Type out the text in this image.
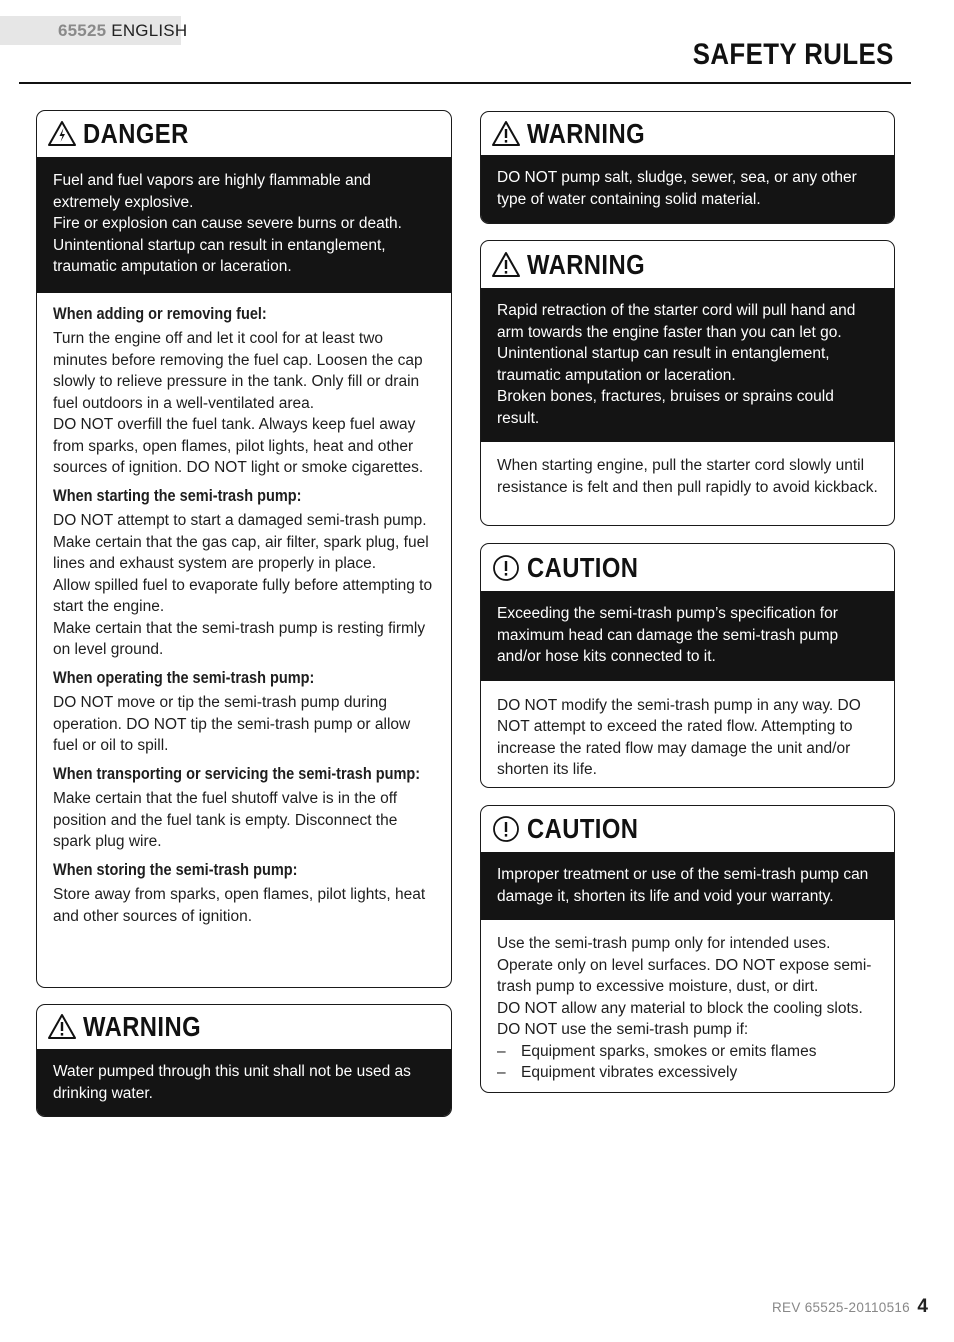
65525 ENGLISH
SAFETY RULES
DANGER

Fuel and fuel vapors are highly flammable and extremely explosive.

Fire or explosion can cause severe burns or death.

Unintentional startup can result in entanglement, traumatic amputation or laceration.

When adding or removing fuel:

Turn the engine off and let it cool for at least two minutes before removing the fuel cap. Loosen the cap slowly to relieve pressure in the tank. Only fill or drain fuel outdoors in a well-ventilated area.

DO NOT overfill the fuel tank. Always keep fuel away from sparks, open flames, pilot lights, heat and other sources of ignition. DO NOT light or smoke cigarettes.

When starting the semi-trash pump:

DO NOT attempt to start a damaged semi-trash pump. Make certain that the gas cap, air filter, spark plug, fuel lines and exhaust system are properly in place.

Allow spilled fuel to evaporate fully before attempting to start the engine.

Make certain that the semi-trash pump is resting firmly on level ground.

When operating the semi-trash pump:

DO NOT move or tip the semi-trash pump during operation. DO NOT tip the semi-trash pump or allow fuel or oil to spill.

When transporting or servicing the semi-trash pump:

Make certain that the fuel shutoff valve is in the off position and the fuel tank is empty. Disconnect the spark plug wire.

When storing the semi-trash pump:

Store away from sparks, open flames, pilot lights, heat and other sources of ignition.

WARNING

Water pumped through this unit shall not be used as drinking water.

WARNING

DO NOT pump salt, sludge, sewer, sea, or any other type of water containing solid material.

WARNING

Rapid retraction of the starter cord will pull hand and arm towards the engine faster than you can let go.

Unintentional startup can result in entanglement, traumatic amputation or laceration.

Broken bones, fractures, bruises or sprains could result.

When starting engine, pull the starter cord slowly until resistance is felt and then pull rapidly to avoid kickback.

CAUTION

Exceeding the semi-trash pump’s specification for maximum head can damage the semi-trash pump and/or hose kits connected to it.

DO NOT modify the semi-trash pump in any way. DO NOT attempt to exceed the rated flow. Attempting to increase the rated flow may damage the unit and/or shorten its life.

CAUTION

Improper treatment or use of the semi-trash pump can damage it, shorten its life and void your warranty.

Use the semi-trash pump only for intended uses.

Operate only on level surfaces. DO NOT expose semi-trash pump to excessive moisture, dust, or dirt.

DO NOT allow any material to block the cooling slots.

DO NOT use the semi-trash pump if:

– Equipment sparks, smokes or emits flames
– Equipment vibrates excessively
REV 65525-20110516 4
